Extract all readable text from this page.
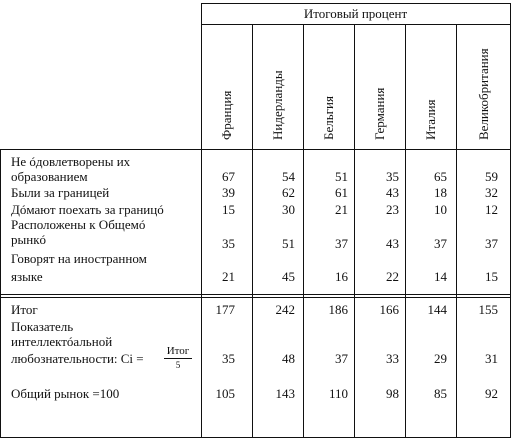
Итоговый процент
Франция	Нидерланды	Бельгия	Германия	Италия	Великобритания
Не óдовлетворены их
образованием	67	54	51	35	65	59
Были за границей	39	62	61	43	18	32
Дóмают поехать за границó	15	30	21	23	10	12
Расположены к Общемó
рынкó	35	51	37	43	37	37
Говорят на иностранном
языке	21	45	16	22	14	15
Итог	177	242	186	166	144	155
Показатель
интеллектóальной
любознательности: Ci = Итог
5	35	48	37	33	29	31
Общий рынок =100	105	143	110	98	85	92
